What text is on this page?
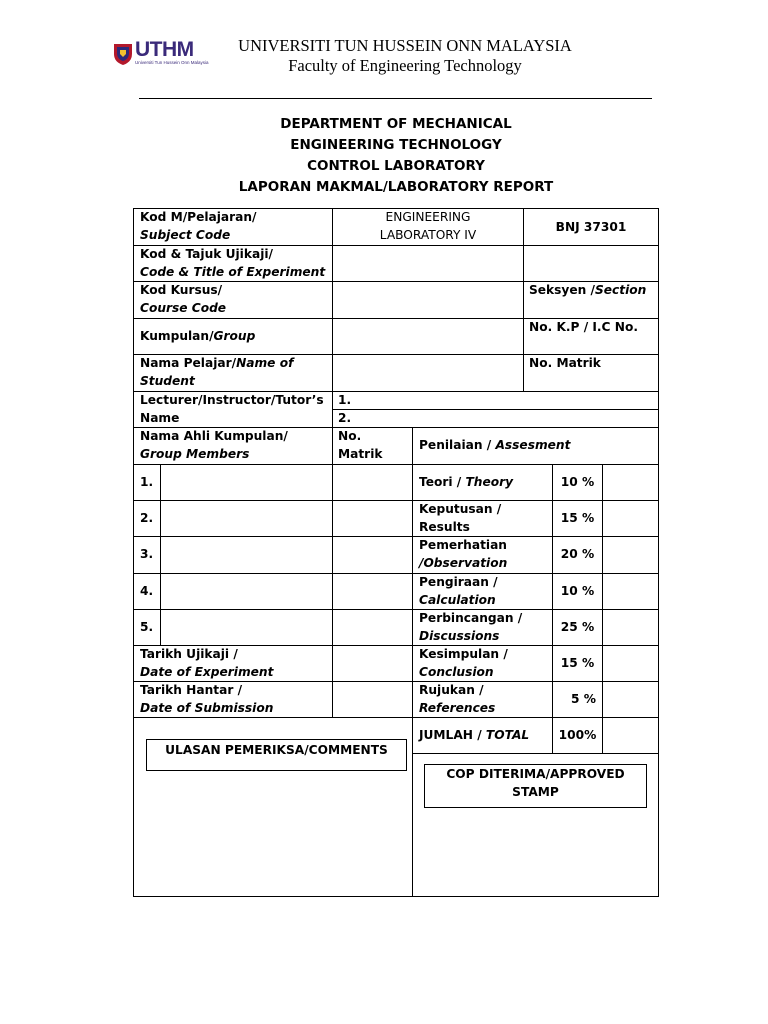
UTHM
Universiti Tun Hussein Onn Malaysia
UNIVERSITI TUN HUSSEIN ONN MALAYSIA
Faculty of Engineering Technology
DEPARTMENT OF MECHANICAL
ENGINEERING TECHNOLOGY
CONTROL LABORATORY
LAPORAN MAKMAL/LABORATORY REPORT
Kod M/Pelajaran/
Subject Code
ENGINEERING
LABORATORY IV
BNJ 37301
Kod & Tajuk Ujikaji/
Code & Title of Experiment
Kod Kursus/
Course Code
Seksyen /Section
Kumpulan/Group
No. K.P / I.C No.
Nama Pelajar/Name of
Student
No. Matrik
Lecturer/Instructor/Tutor’s
Name
1.
2.
Nama Ahli Kumpulan/
Group Members
No.
Matrik
Penilaian / Assesment
1.
2.
3.
4.
5.
Teori / Theory	10 %
Keputusan /
Results
15 %
Pemerhatian
/Observation
20 %
Pengiraan /
Calculation
10 %
Perbincangan /
Discussions
25 %
Kesimpulan /
Conclusion
15 %
Rujukan /
References
5 %
Tarikh Ujikaji /
Date of Experiment
Tarikh Hantar /
Date of Submission
JUMLAH / TOTAL	100%
ULASAN PEMERIKSA/COMMENTS
COP DITERIMA/APPROVED
STAMP
